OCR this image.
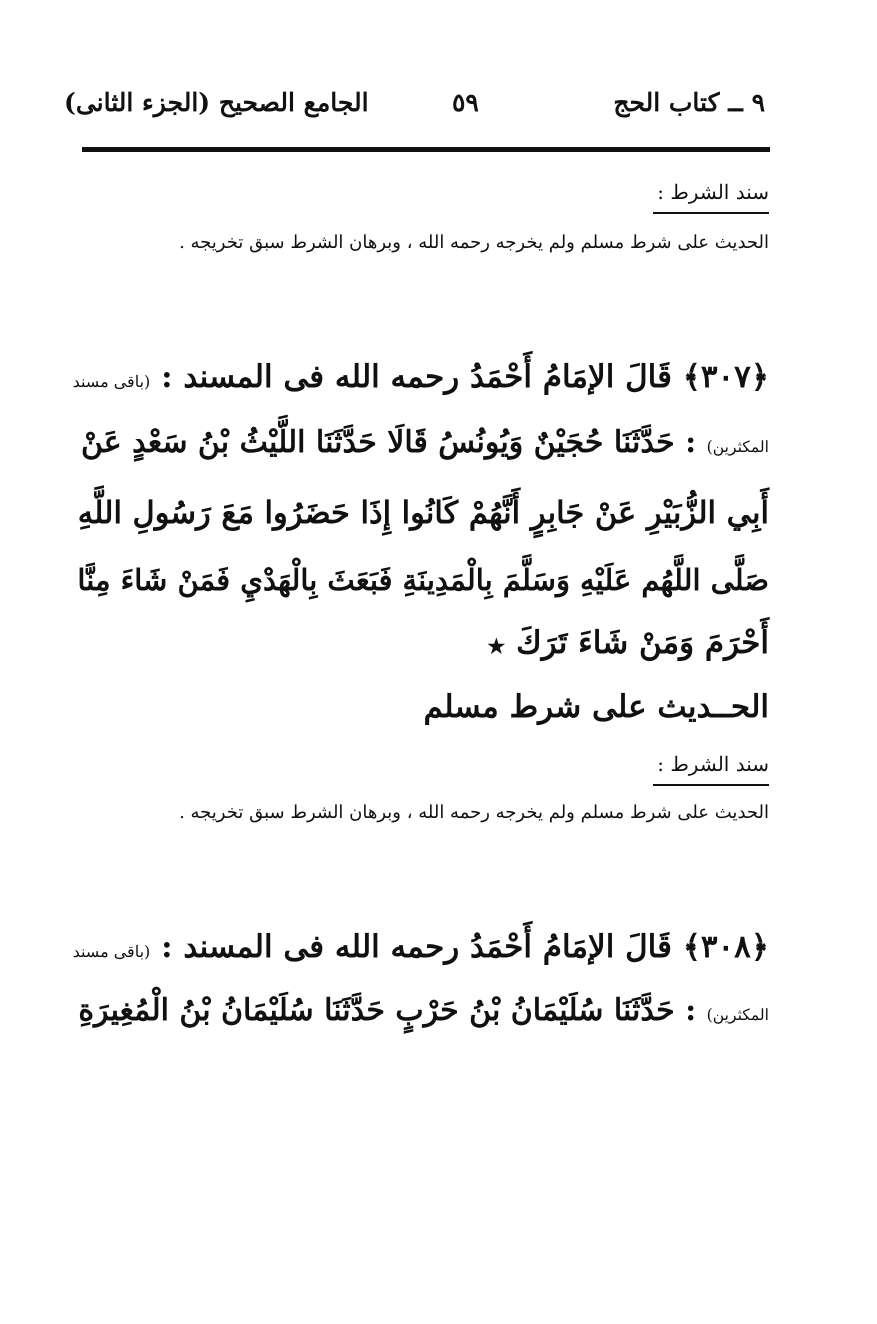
٩ ــ كتاب الحج
٥٩
الجامع الصحيح (الجزء الثانى)
سند الشرط :
الحديث على شرط مسلم ولم يخرجه رحمه الله ، وبرهان الشرط سبق تخريجه .
﴿٣٠٧﴾ قَالَ الإمَامُ أَحْمَدُ رحمه الله فى المسند : (باقى مسند
المكثرين) : حَدَّثَنَا حُجَيْنٌ وَيُونُسُ قَالَا حَدَّثَنَا اللَّيْثُ بْنُ سَعْدٍ عَنْ
أَبِي الزُّبَيْرِ عَنْ جَابِرٍ أَنَّهُمْ كَانُوا إِذَا حَضَرُوا مَعَ رَسُولِ اللَّهِ
صَلَّى اللَّهُم عَلَيْهِ وَسَلَّمَ بِالْمَدِينَةِ فَبَعَثَ بِالْهَدْيِ فَمَنْ شَاءَ مِنَّا
أَحْرَمَ وَمَنْ شَاءَ تَرَكَ ★
الحــديث على شرط مسلم
سند الشرط :
الحديث على شرط مسلم ولم يخرجه رحمه الله ، وبرهان الشرط سبق تخريجه .
﴿٣٠٨﴾ قَالَ الإمَامُ أَحْمَدُ رحمه الله فى المسند : (باقى مسند
المكثرين) : حَدَّثَنَا سُلَيْمَانُ بْنُ حَرْبٍ حَدَّثَنَا سُلَيْمَانُ بْنُ الْمُغِيرَةِ
